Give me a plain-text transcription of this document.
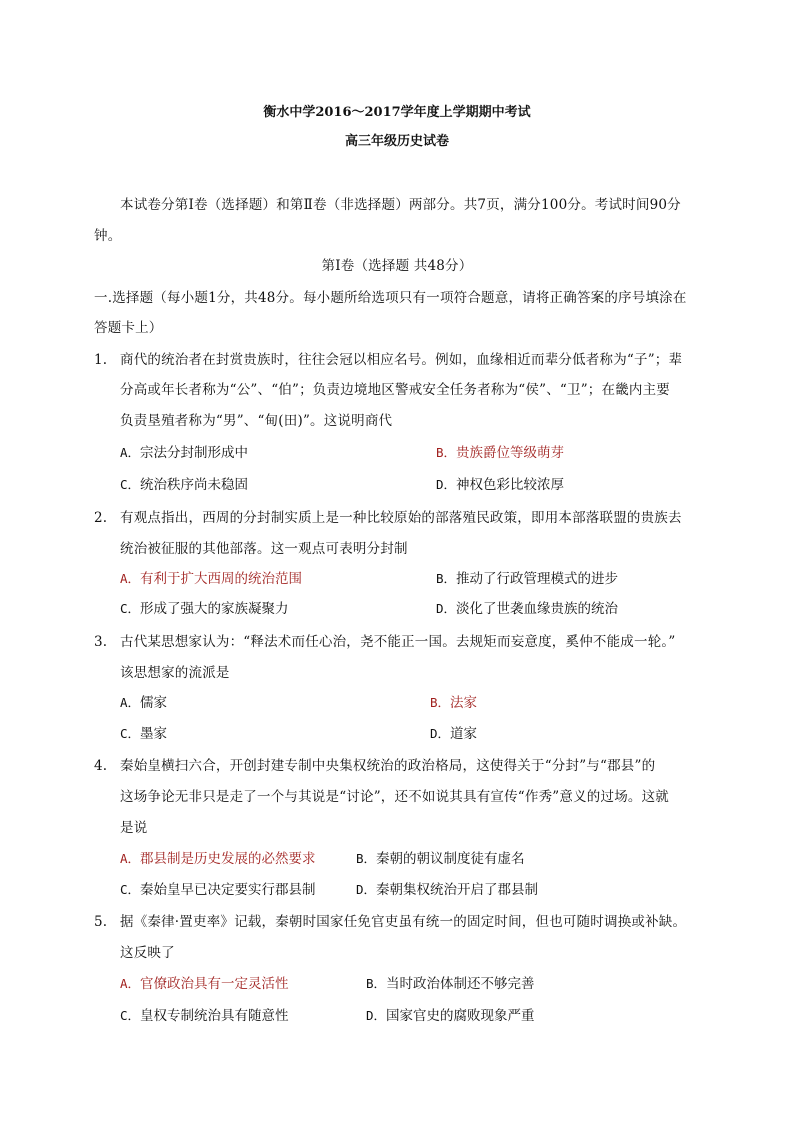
衡水中学2016～2017学年度上学期期中考试
高三年级历史试卷
本试卷分第Ⅰ卷（选择题）和第Ⅱ卷（非选择题）两部分。共7页，满分100分。考试时间90分
钟。
第Ⅰ卷（选择题 共48分）
一.选择题（每小题1分，共48分。每小题所给选项只有一项符合题意，请将正确答案的序号填涂在
答题卡上）
1. 商代的统治者在封赏贵族时，往往会冠以相应名号。例如，血缘相近而辈分低者称为“子”；辈
分高或年长者称为“公”、“伯”；负责边境地区警戒安全任务者称为“侯”、“卫”；在畿内主要
负责垦殖者称为“男”、“甸(田)”。这说明商代
A．宗法分封制形成中	B．贵族爵位等级萌芽
C．统治秩序尚未稳固	D．神权色彩比较浓厚
2. 有观点指出，西周的分封制实质上是一种比较原始的部落殖民政策，即用本部落联盟的贵族去
统治被征服的其他部落。这一观点可表明分封制
A．有利于扩大西周的统治范围	B．推动了行政管理模式的进步
C．形成了强大的家族凝聚力	D．淡化了世袭血缘贵族的统治
3. 古代某思想家认为：“释法术而任心治，尧不能正一国。去规矩而妄意度，奚仲不能成一轮。”
该思想家的流派是
A．儒家	B．法家
C．墨家	D．道家
4. 秦始皇横扫六合，开创封建专制中央集权统治的政治格局，这使得关于“分封”与“郡县”的
这场争论无非只是走了一个与其说是“讨论”，还不如说其具有宣传“作秀”意义的过场。这就
是说
A．郡县制是历史发展的必然要求	B．秦朝的朝议制度徒有虚名
C．秦始皇早已决定要实行郡县制	D．秦朝集权统治开启了郡县制
5. 据《秦律·置吏率》记载，秦朝时国家任免官吏虽有统一的固定时间，但也可随时调换或补缺。
这反映了
A．官僚政治具有一定灵活性	B．当时政治体制还不够完善
C．皇权专制统治具有随意性	D．国家官史的腐败现象严重
